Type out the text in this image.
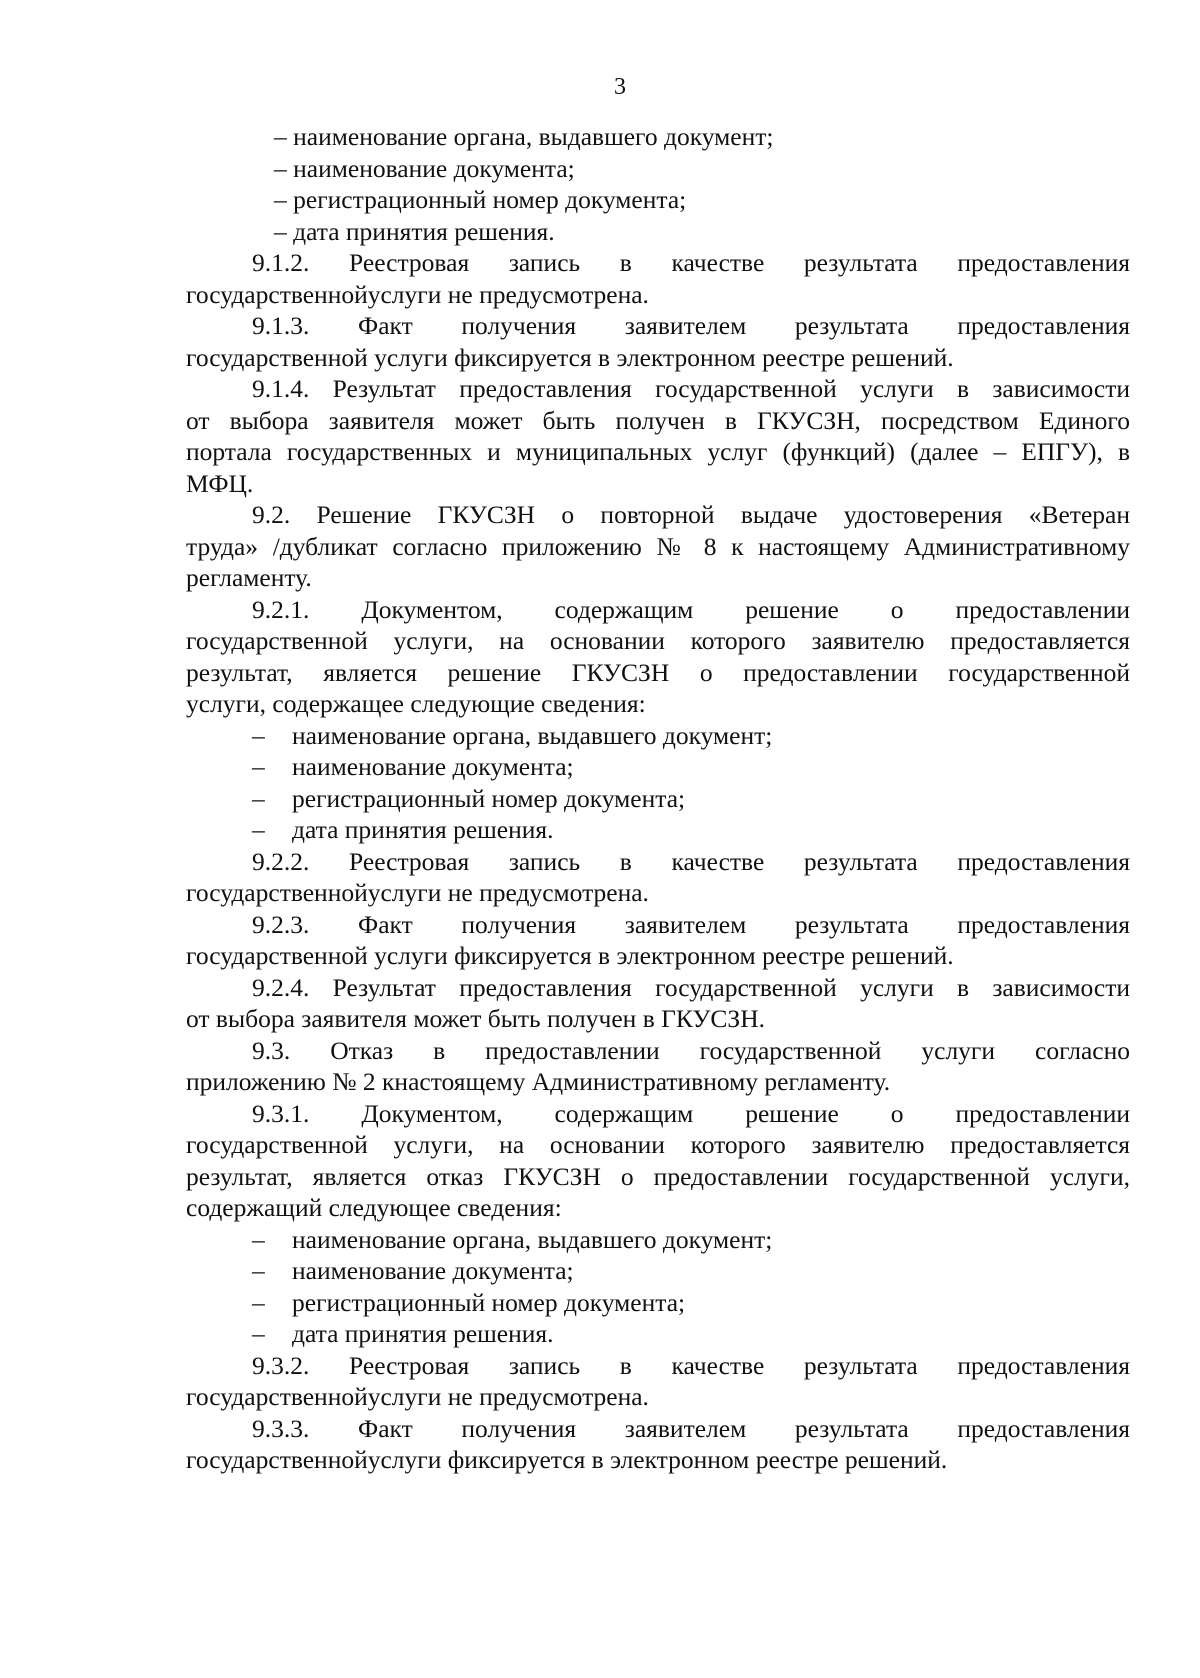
3
– наименование органа, выдавшего документ;
– наименование документа;
– регистрационный номер документа;
– дата принятия решения.
9.1.2. Реестровая запись в качестве результата предоставления
государственнойуслуги не предусмотрена.
9.1.3. Факт получения заявителем результата предоставления
государственной услуги фиксируется в электронном реестре решений.
9.1.4. Результат предоставления государственной услуги в зависимости
от выбора заявителя может быть получен в ГКУСЗН, посредством Единого
портала государственных и муниципальных услуг (функций) (далее – ЕПГУ), в
МФЦ.
9.2. Решение ГКУСЗН о повторной выдаче удостоверения «Ветеран
труда» /дубликат согласно приложению № 8 к настоящему Административному
регламенту.
9.2.1. Документом, содержащим решение о предоставлении
государственной услуги, на основании которого заявителю предоставляется
результат, является решение ГКУСЗН о предоставлении государственной
услуги, содержащее следующие сведения:
–	наименование органа, выдавшего документ;
–	наименование документа;
–	регистрационный номер документа;
–	дата принятия решения.
9.2.2. Реестровая запись в качестве результата предоставления
государственнойуслуги не предусмотрена.
9.2.3. Факт получения заявителем результата предоставления
государственной услуги фиксируется в электронном реестре решений.
9.2.4. Результат предоставления государственной услуги в зависимости
от выбора заявителя может быть получен в ГКУСЗН.
9.3. Отказ в предоставлении государственной услуги согласно
приложению № 2 кнастоящему Административному регламенту.
9.3.1. Документом, содержащим решение о предоставлении
государственной услуги, на основании которого заявителю предоставляется
результат, является отказ ГКУСЗН о предоставлении государственной услуги,
содержащий следующее сведения:
–	наименование органа, выдавшего документ;
–	наименование документа;
–	регистрационный номер документа;
–	дата принятия решения.
9.3.2. Реестровая запись в качестве результата предоставления
государственнойуслуги не предусмотрена.
9.3.3. Факт получения заявителем результата предоставления
государственнойуслуги фиксируется в электронном реестре решений.
